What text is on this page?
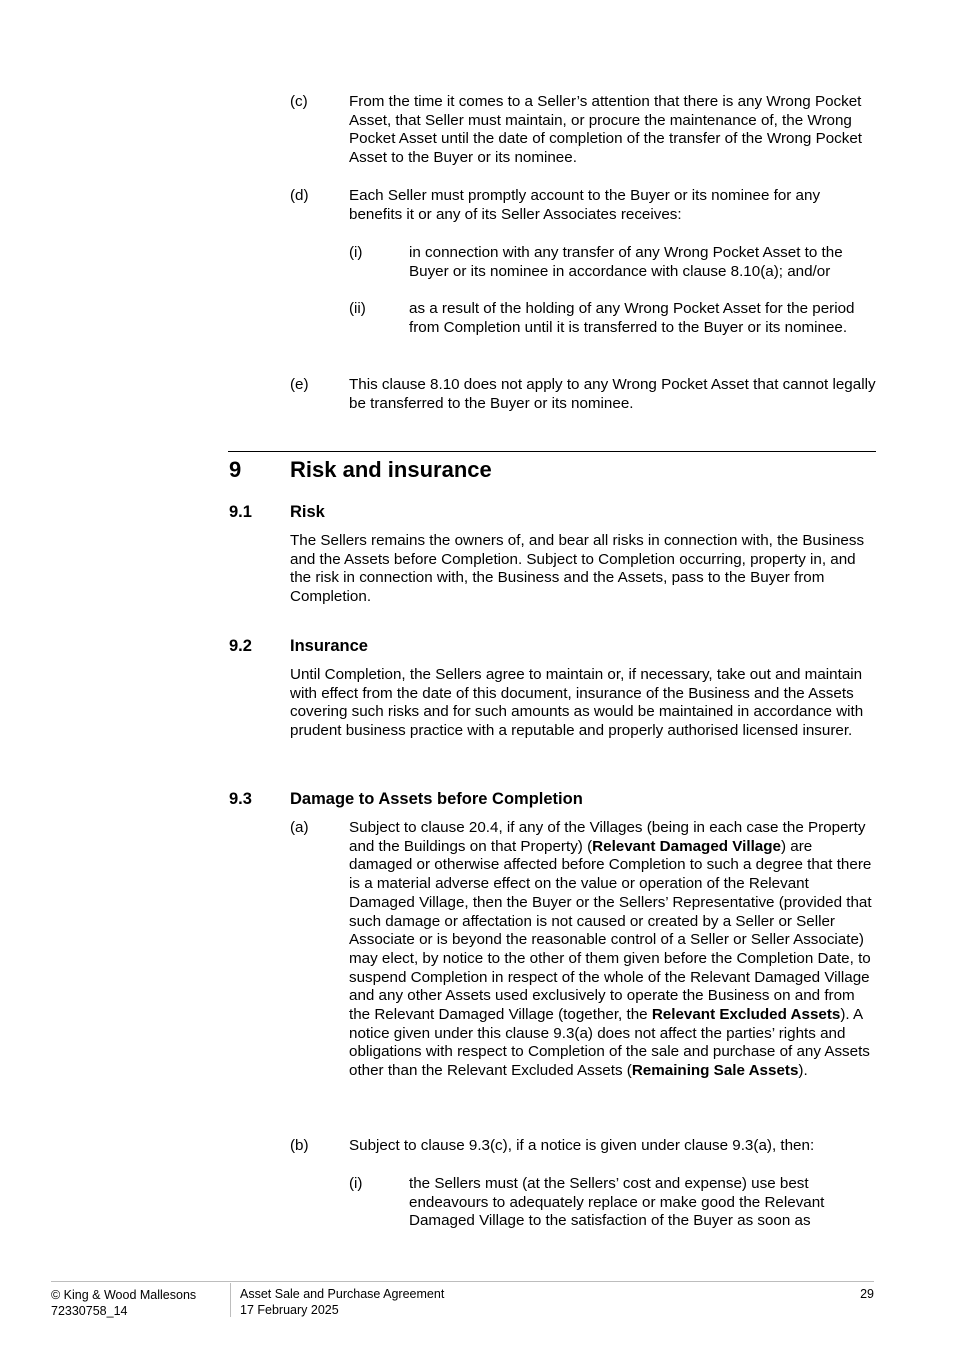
(c)	From the time it comes to a Seller’s attention that there is any Wrong Pocket Asset, that Seller must maintain, or procure the maintenance of, the Wrong Pocket Asset until the date of completion of the transfer of the Wrong Pocket Asset to the Buyer or its nominee.
(d)	Each Seller must promptly account to the Buyer or its nominee for any benefits it or any of its Seller Associates receives:
(i)	in connection with any transfer of any Wrong Pocket Asset to the Buyer or its nominee in accordance with clause 8.10(a); and/or
(ii)	as a result of the holding of any Wrong Pocket Asset for the period from Completion until it is transferred to the Buyer or its nominee.
(e)	This clause 8.10 does not apply to any Wrong Pocket Asset that cannot legally be transferred to the Buyer or its nominee.
9 Risk and insurance
9.1 Risk
The Sellers remains the owners of, and bear all risks in connection with, the Business and the Assets before Completion. Subject to Completion occurring, property in, and the risk in connection with, the Business and the Assets, pass to the Buyer from Completion.
9.2 Insurance
Until Completion, the Sellers agree to maintain or, if necessary, take out and maintain with effect from the date of this document, insurance of the Business and the Assets covering such risks and for such amounts as would be maintained in accordance with prudent business practice with a reputable and properly authorised licensed insurer.
9.3 Damage to Assets before Completion
(a)	Subject to clause 20.4, if any of the Villages (being in each case the Property and the Buildings on that Property) (Relevant Damaged Village) are damaged or otherwise affected before Completion to such a degree that there is a material adverse effect on the value or operation of the Relevant Damaged Village, then the Buyer or the Sellers’ Representative (provided that such damage or affectation is not caused or created by a Seller or Seller Associate or is beyond the reasonable control of a Seller or Seller Associate) may elect, by notice to the other of them given before the Completion Date, to suspend Completion in respect of the whole of the Relevant Damaged Village and any other Assets used exclusively to operate the Business on and from the Relevant Damaged Village (together, the Relevant Excluded Assets). A notice given under this clause 9.3(a) does not affect the parties’ rights and obligations with respect to Completion of the sale and purchase of any Assets other than the Relevant Excluded Assets (Remaining Sale Assets).
(b)	Subject to clause 9.3(c), if a notice is given under clause 9.3(a), then:
(i)	the Sellers must (at the Sellers’ cost and expense) use best endeavours to adequately replace or make good the Relevant Damaged Village to the satisfaction of the Buyer as soon as
© King & Wood Mallesons
72330758_14
Asset Sale and Purchase Agreement
17 February 2025
29
